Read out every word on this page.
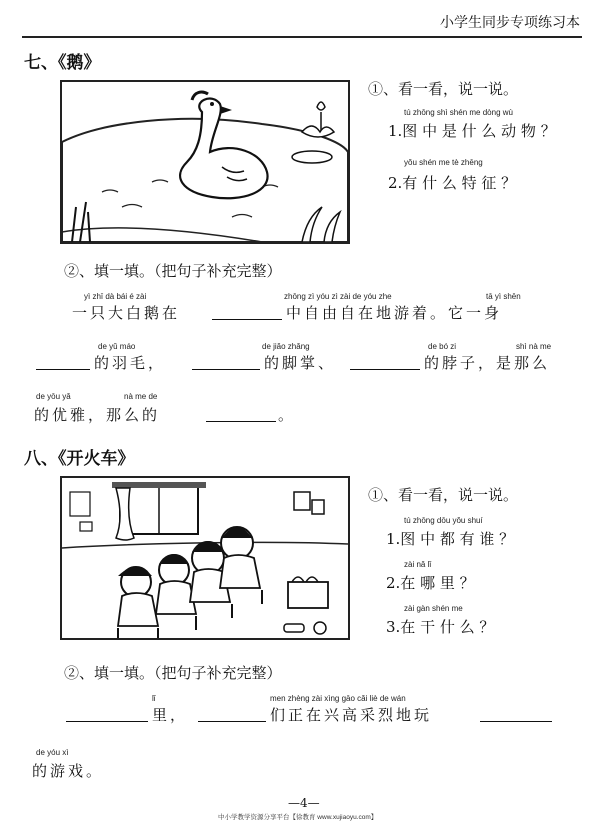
小学生同步专项练习本
七、《鹅》
①、看一看，说一说。
tú zhōng shì shén me dòng wù
1.图 中 是 什 么 动 物 ？
yǒu shén me tè zhēng
2.有 什 么 特 征 ？
②、填一填。（把句子补充完整）
yì zhī dà bái é zài	zhōng zì yóu zì zài de yóu zhe	tā yì shēn
一只大白鹅在	中自由自在地游着。它一身
de yǔ máo	de jiǎo zhǎng	de bó zi	shì nà me
的羽毛，	的脚掌、	的脖子，是那么
de yōu yǎ	nà me de
的优雅，那么的	。
八、《开火车》
①、看一看，说一说。
tú zhōng dōu yǒu shuí
1.图 中 都 有 谁 ？
zài nǎ lǐ
2.在 哪 里 ？
zài gàn shén me
3.在 干 什 么 ？
②、填一填。（把句子补充完整）
lǐ	men zhèng zài xìng gāo cǎi liè de wán
里，	们正在兴高采烈地玩
de yóu xì
的游戏。
—4—
中小学教学资源分享平台【徐教育 www.xujiaoyu.com】
